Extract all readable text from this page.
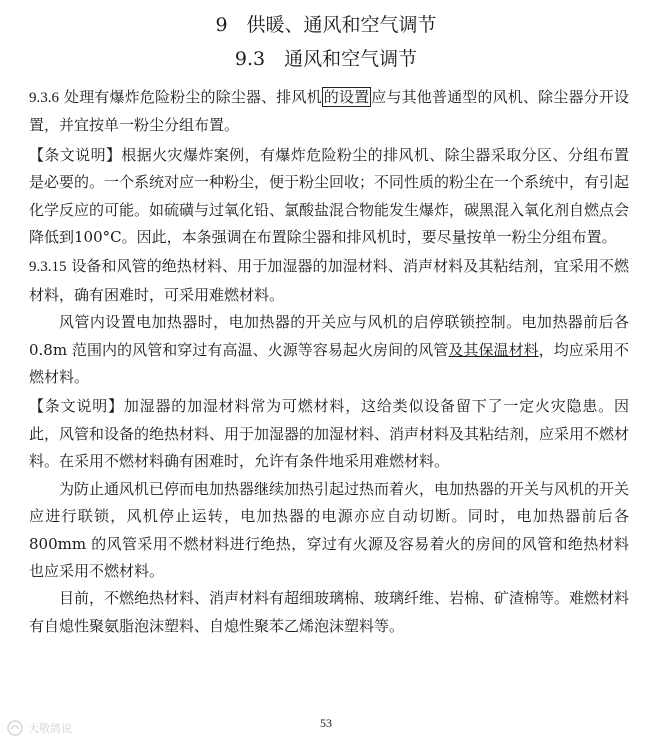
9　供暖、通风和空气调节
9.3　通风和空气调节

9.3.6 处理有爆炸危险粉尘的除尘器、排风机 的设置 应与其他普通型的风机、除尘器分开设置，并宜按单一粉尘分组布置。

【条文说明】根据火灾爆炸案例，有爆炸危险粉尘的排风机、除尘器采取分区、分组布置是必要的。一个系统对应一种粉尘，便于粉尘回收；不同性质的粉尘在一个系统中，有引起化学反应的可能。如硫磺与过氧化铅、氯酸盐混合物能发生爆炸，碳黑混入氧化剂自燃点会降低到100°C。因此，本条强调在布置除尘器和排风机时，要尽量按单一粉尘分组布置。

9.3.15 设备和风管的绝热材料、用于加湿器的加湿材料、消声材料及其粘结剂，宜采用不燃材料，确有困难时，可采用难燃材料。

风管内设置电加热器时，电加热器的开关应与风机的启停联锁控制。电加热器前后各 0.8m 范围内的风管和穿过有高温、火源等容易起火房间的风管及其保温材料，均应采用不燃材料。

【条文说明】加湿器的加湿材料常为可燃材料，这给类似设备留下了一定火灾隐患。因此，风管和设备的绝热材料、用于加湿器的加湿材料、消声材料及其粘结剂，应采用不燃材料。在采用不燃材料确有困难时，允许有条件地采用难燃材料。

为防止通风机已停而电加热器继续加热引起过热而着火，电加热器的开关与风机的开关应进行联锁，风机停止运转，电加热器的电源亦应自动切断。同时，电加热器前后各 800mm 的风管采用不燃材料进行绝热，穿过有火源及容易着火的房间的风管和绝热材料也应采用不燃材料。

目前，不燃绝热材料、消声材料有超细玻璃棉、玻璃纤维、岩棉、矿渣棉等。难燃材料有自熄性聚氨脂泡沫塑料、自熄性聚苯乙烯泡沫塑料等。

53
大敬鸽说
